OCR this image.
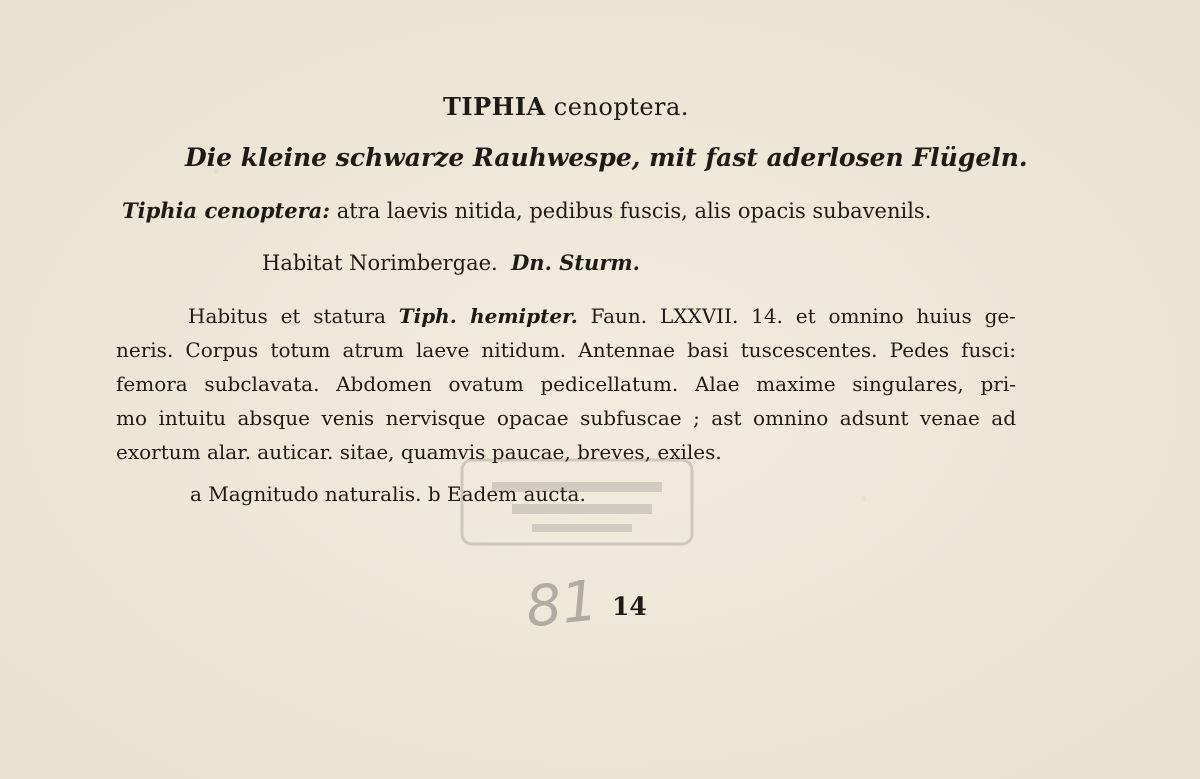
TIPHIA cenoptera.
Die kleine schwarze Rauhwespe, mit fast aderlosen Flügeln.
Tiphia cenoptera: atra laevis nitida, pedibus fuscis, alis opacis subavenils.
Habitat Norimbergae. Dn. Sturm.
Habitus et statura Tiph. hemipter. Faun. LXXVII. 14. et omnino huius ge-
neris. Corpus totum atrum laeve nitidum. Antennae basi tuscescentes. Pedes fusci:
femora subclavata. Abdomen ovatum pedicellatum. Alae maxime singulares, pri-
mo intuitu absque venis nervisque opacae subfuscae ; ast omnino adsunt venae ad
exortum alar. auticar. sitae, quamvis paucae, breves, exiles.
a Magnitudo naturalis. b Eadem aucta.
81 14
